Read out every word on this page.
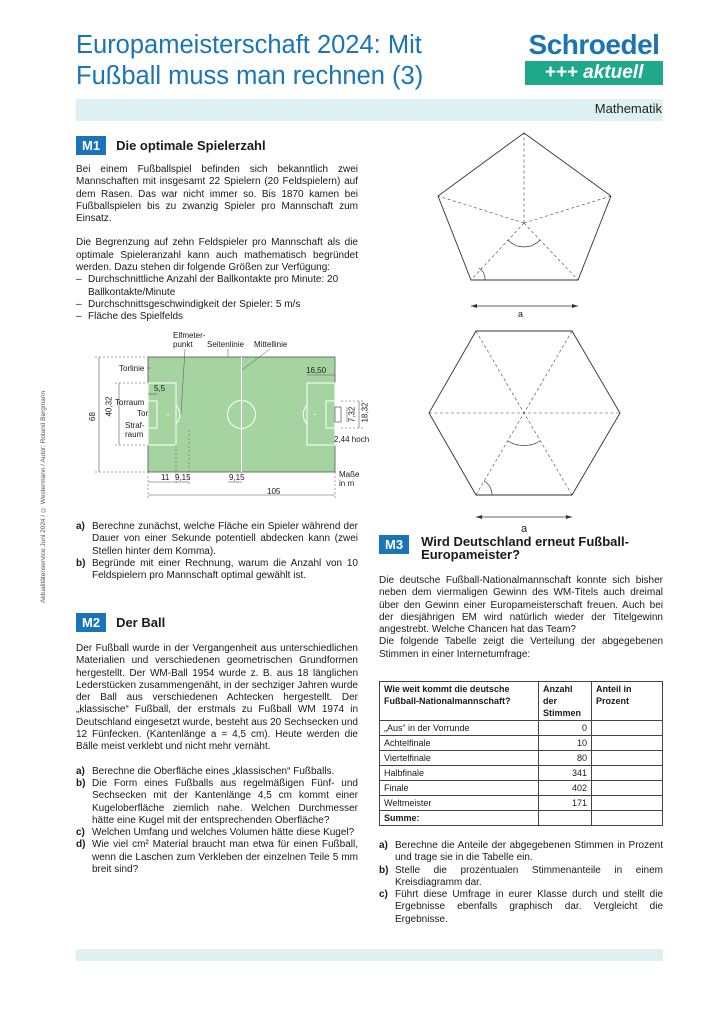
Europameisterschaft 2024: Mit
Fußball muss man rechnen (3)
Schroedel
+++ aktuell
Mathematik
Aktualitätenservice Juni 2024 / © Westermann / Autor: Roland Bergmann
M1	Die optimale Spielerzahl

Bei einem Fußballspiel befinden sich bekanntlich zwei Mannschaften mit insgesamt 22 Spielern (20 Feldspielern) auf dem Rasen. Das war nicht immer so. Bis 1870 kamen bei Fußballspielen bis zu zwanzig Spieler pro Mannschaft zum Einsatz.

Die Begrenzung auf zehn Feldspieler pro Mannschaft als die optimale Spieleranzahl kann auch mathematisch begründet werden. Dazu stehen dir folgende Größen zur Verfügung:

– Durchschnittliche Anzahl der Ballkontakte pro Minute: 20 Ballkontakte/Minute
– Durchschnittsgeschwindigkeit der Spieler: 5 m/s
– Fläche des Spielfelds
Elfmeter-
punkt	Seitenlinie Mittellinie
Torlinie
5,5
Torraum
Tor
Straf-
raum
16,50
68 40,32	7,32 18,32
2,44 hoch
Maße
in m
11 9,15	9,15
105
a) Berechne zunächst, welche Fläche ein Spieler während der Dauer von einer Sekunde potentiell abdecken kann (zwei Stellen hinter dem Komma).
b) Begründe mit einer Rechnung, warum die Anzahl von 10 Feldspielern pro Mannschaft optimal gewählt ist.
M2	Der Ball

Der Fußball wurde in der Vergangenheit aus unterschiedlichen Materialien und verschiedenen geometrischen Grundformen hergestellt. Der WM-Ball 1954 wurde z. B. aus 18 länglichen Lederstücken zusammengenäht, in der sechziger Jahren wurde der Ball aus verschiedenen Achtecken hergestellt. Der „klassische“ Fußball, der erstmals zu Fußball WM 1974 in Deutschland eingesetzt wurde, besteht aus 20 Sechsecken und 12 Fünfecken. (Kantenlänge a = 4,5 cm). Heute werden die Bälle meist verklebt und nicht mehr vernäht.

a) Berechne die Oberfläche eines „klassischen“ Fußballs.
b) Die Form eines Fußballs aus regelmäßigen Fünf- und Sechsecken mit der Kantenlänge 4,5 cm kommt einer Kugeloberfläche ziemlich nahe. Welchen Durchmesser hätte eine Kugel mit der entsprechenden Oberfläche?
c) Welchen Umfang und welches Volumen hätte diese Kugel?
d) Wie viel cm² Material braucht man etwa für einen Fußball, wenn die Laschen zum Verkleben der einzelnen Teile 5 mm breit sind?
a
a
M3	Wird Deutschland erneut Fußball-
Europameister?
Die deutsche Fußball-Nationalmannschaft konnte sich bisher neben dem viermaligen Gewinn des WM-Titels auch dreimal über den Gewinn einer Europameisterschaft freuen. Auch bei der diesjährigen EM wird natürlich wieder der Titelgewinn angestrebt. Welche Chancen hat das Team?
Die folgende Tabelle zeigt die Verteilung der abgegebenen Stimmen in einer Internetumfrage:
Wie weit kommt die deutsche Fußball-Nationalmannschaft?	Anzahl der Stimmen	Anteil in Prozent
„Aus“ in der Vorrunde	0	
Achtelfinale	10	
Viertelfinale	80	
Halbfinale	341	
Finale	402	
Weltmeister	171	
Summe:		
a) Berechne die Anteile der abgegebenen Stimmen in Prozent und trage sie in die Tabelle ein.
b) Stelle die prozentualen Stimmenanteile in einem Kreisdiagramm dar.
c) Führt diese Umfrage in eurer Klasse durch und stellt die Ergebnisse ebenfalls graphisch dar. Vergleicht die Ergebnisse.
